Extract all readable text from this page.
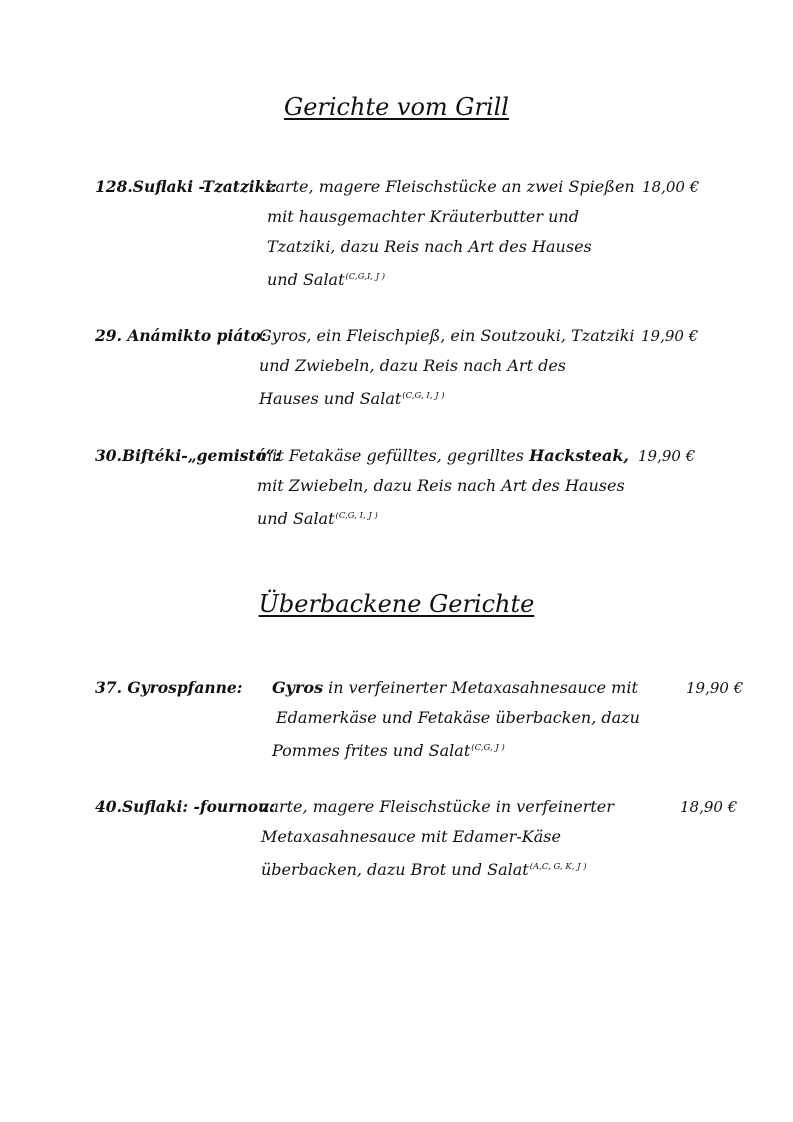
Gerichte vom Grill
128.Suflaki -Tzatziki:
zarte, magere Fleischstücke an zwei Spießen
mit hausgemachter Kräuterbutter und
Tzatziki, dazu Reis nach Art des Hauses
und Salat$^{(C,G,I, J )}$
18,00 €
29. Anámikto piáto:
Gyros, ein Fleischpieß, ein Soutzouki, Tzatziki
und Zwiebeln, dazu Reis nach Art des
Hauses und Salat$^{(C,G, I, J )}$
19,90 €
30.Biftéki-„gemistó“:
mit Fetakäse gefülltes, gegrilltes Hacksteak,
mit Zwiebeln, dazu Reis nach Art des Hauses
und Salat$^{(C,G, I, J )}$
19,90 €
Überbackene Gerichte
37. Gyrospfanne: Gyros in verfeinerter Metaxasahnesauce mit
Edamerkäse und Fetakäse überbacken, dazu
Pommes frites und Salat$^{(C,G, J )}$
19,90 €
40.Suflaki: -fournou:
zarte, magere Fleischstücke in verfeinerter
Metaxasahnesauce mit Edamer-Käse
überbacken, dazu Brot und Salat$^{(A,C, G, K, J )}$
18,90 €
